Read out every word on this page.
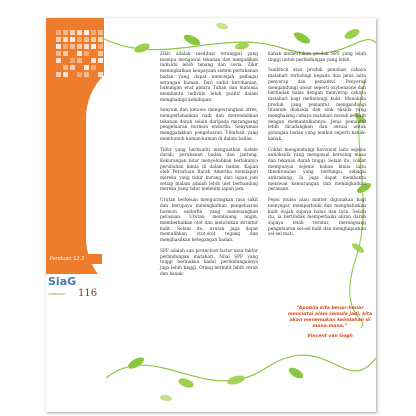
Panduan 12.3
SiaG
SAMBUTAN	116

Zikir adalah meditasi terunggul yang mampu mengawal tekanan dan menjadikan individu lebih tenang dan ceria. Zikir meningkatkan keupayaan sistem pertahanan badan yang dapat mencegah pelbagai serangan kuman. Dari sudut kerohanian, hubungan erat antara Tuhan dan manusia membantu individu lebih positif dalam menghadapi kehidupan.

Senyum dan ketawa mengeurangkan stres, memperlahankan nadi dan merendahkan tekanan darah selain daripada merangsang pengeluaran hormon endorfin. Senyuman menggalakkan pengeluaran T-limfosit yang membunuh kuman-kuman di dalam badan.

Tidur yang berkualiti menguatkan sistem darah, peruhanan badan dan jantung. Kekurangan tidur menyebabkan berlakunya perubahan kimia di dalam badan. Kajian oleh Persatuan Barah Amerika mendapati mereka yang tidur kurang dari lapan jam setiap malam adalah lebih ulet berbanding mereka yang tidur melebihi lapan jam.

Urutan berkesan mengurangkan rasa sakit dan berupaya meningkatkan pengeluaran hormon endorfin yang menenangkan perasaan. Urutan membuang angin, memberkalkan otot dan melicinkan struktur kulit. Selain itu, urutan juga dapat memulihkan otot-otot tegang dan menghasilkan ketegangan badan.

SPF adalah sun protection factor atau faktor perlindungan matahari. Nilai SPF yang tinggi bermakna kadar perlindungannya juga lebih tinggi. Orang berkulit lebih cerah dan kanak-

kanak memerlukan produk SPF yang lebih tinggi untuk perlindungan yang lebih.

Sunblock atau produk penahan cahaya matahari terbahagi kepada dua jenis iaitu penyerap dan pemantul. Penyerap mengandungi unsur seperti oxybenzone dan bertindak balas dengan menyerap cahaya matahari bagi melindungi kulit. Manakala produk yang pemantul mengandungi titanium dioksida dan zink oksida yang menghalang cahaya matahari masuk ke kulit dengan memantulkannya. Jenis pemantul lebih dicadangkan dan sesuai untuk golongan badan yang lembut seperti kanak-kanak.

Coklat mengandungi flavonoid iaitu sejenis antioksida yang mengawal kerosing masa dan tekanan darah tinggi. Selain itu, coklat mempunyai sejenis bahan kimia iaitu theobromine yang berfungsi sebagai antiradang. Ia juga dapat membantu melawan kemurungan dan meningkatkan perasaan.

Pepsi mulsa atau matter digunakan bagi menyegar, memperbaiki dan menghaluskan kulit wajah supaya halus dan licin. Selain itu, ia bertindak memperbaiki aliran darah supaya lebih teratur, merangsang pengeluaran sel-sel kulit dan menghapuskan sel-sel mati.

“Apabila kita benar-benar mencintai alam semula jadi, kita akan menemukan keindahan di mana-mana.”
Vincent van Gogh
